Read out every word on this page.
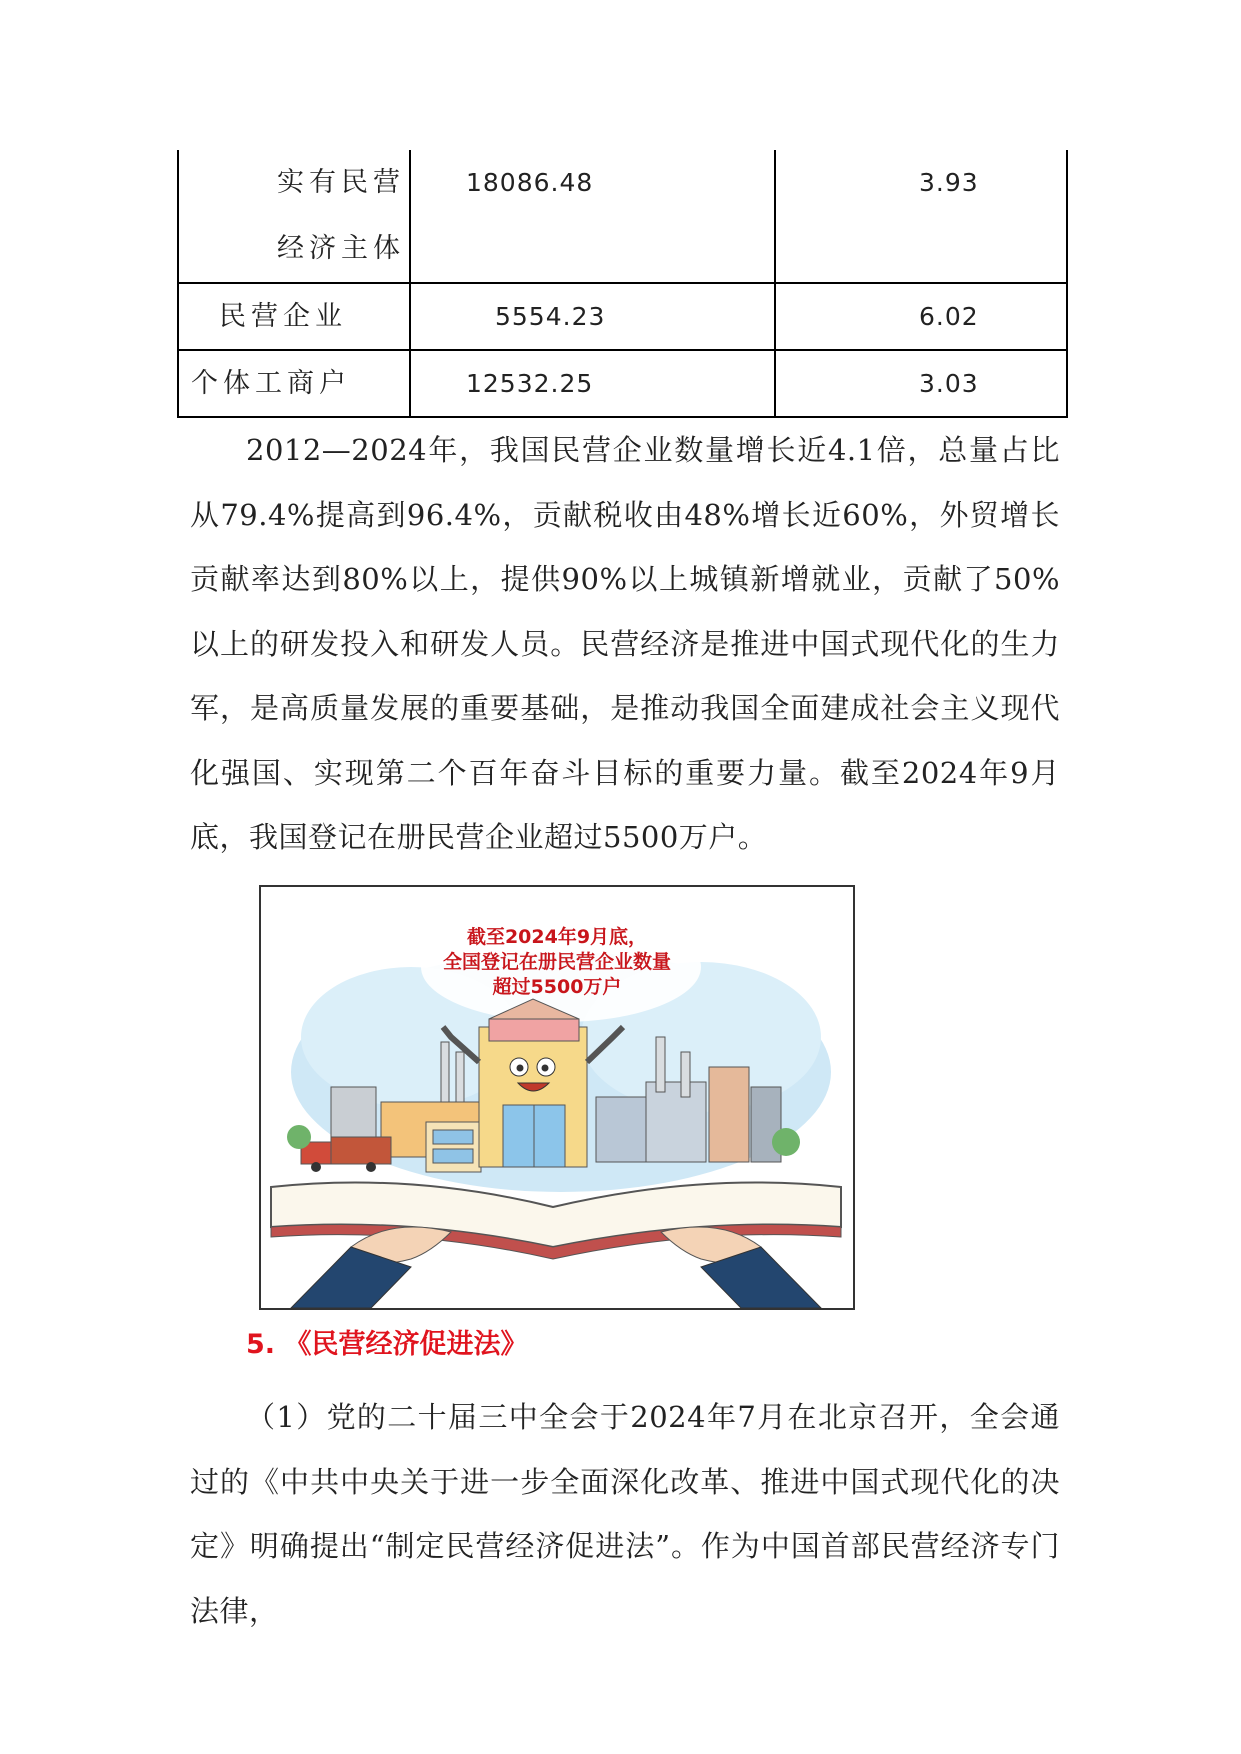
实有民营
经济主体	18086.48	3.93

民营企业	5554.23	6.02

个体工商户	12532.25	3.03

2012—2024年，我国民营企业数量增长近4.1倍，总量占比从79.4%提高到96.4%，贡献税收由48%增长近60%，外贸增长贡献率达到80%以上，提供90%以上城镇新增就业，贡献了50%以上的研发投入和研发人员。民营经济是推进中国式现代化的生力军，是高质量发展的重要基础，是推动我国全面建成社会主义现代化强国、实现第二个百年奋斗目标的重要力量。截至2024年9月底，我国登记在册民营企业超过5500万户。

截至2024年9月底，
全国登记在册民营企业数量
超过5500万户

5. 《民营经济促进法》

（1）党的二十届三中全会于2024年7月在北京召开，全会通过的《中共中央关于进一步全面深化改革、推进中国式现代化的决定》明确提出“制定民营经济促进法”。作为中国首部民营经济专门法律，
